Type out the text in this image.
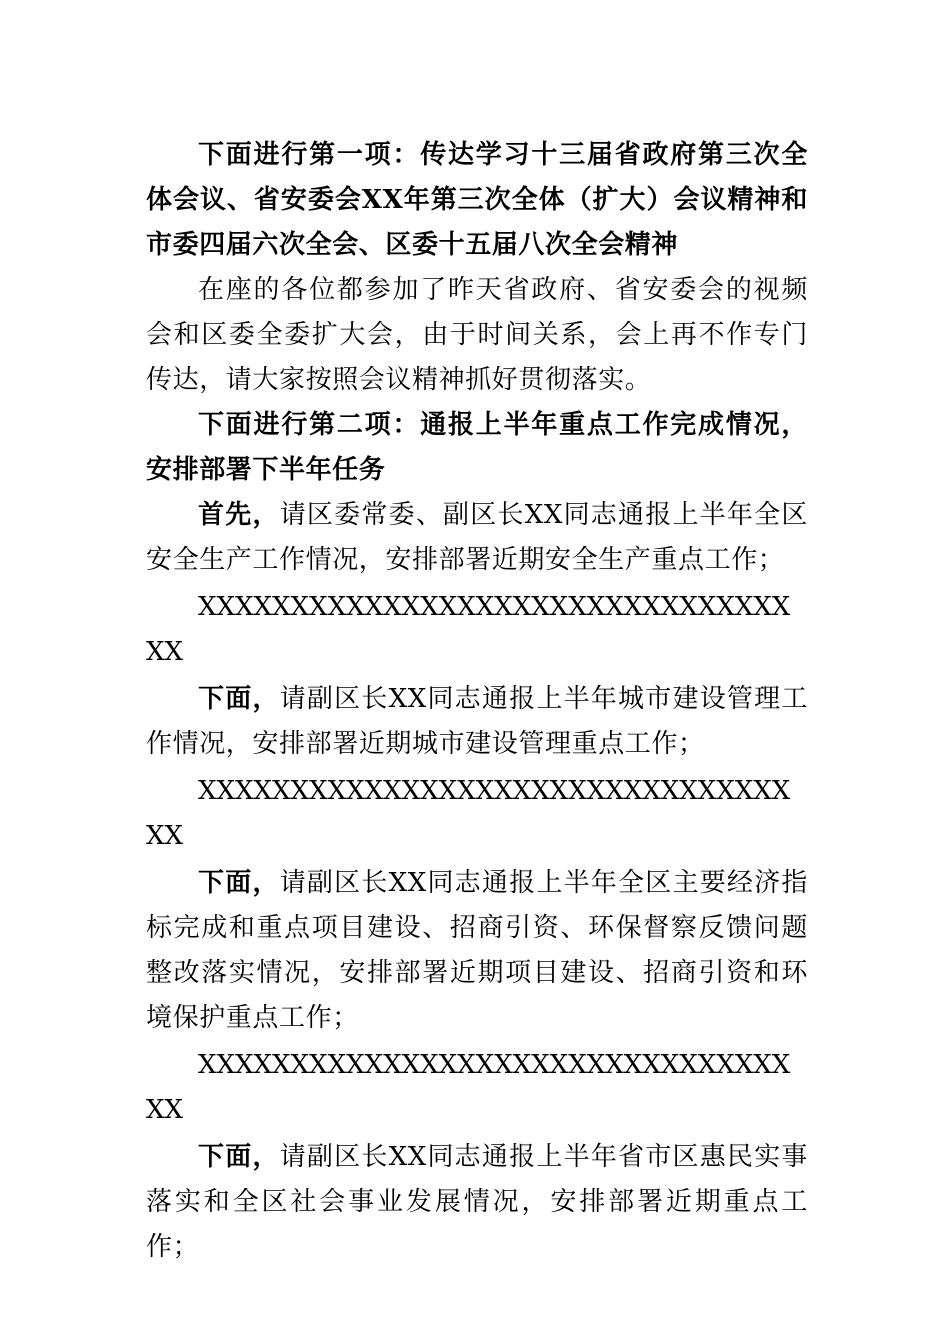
下面进行第一项：传达学习十三届省政府第三次全体会议、省安委会XX年第三次全体（扩大）会议精神和市委四届六次全会、区委十五届八次全会精神

在座的各位都参加了昨天省政府、省安委会的视频会和区委全委扩大会，由于时间关系，会上再不作专门传达，请大家按照会议精神抓好贯彻落实。

下面进行第二项：通报上半年重点工作完成情况，安排部署下半年任务

首先，请区委常委、副区长XX同志通报上半年全区安全生产工作情况，安排部署近期安全生产重点工作；

XXXXXXXXXXXXXXXXXXXXXXXXXXXXXXXXXX

下面，请副区长XX同志通报上半年城市建设管理工作情况，安排部署近期城市建设管理重点工作；

XXXXXXXXXXXXXXXXXXXXXXXXXXXXXXXXXX

下面，请副区长XX同志通报上半年全区主要经济指标完成和重点项目建设、招商引资、环保督察反馈问题整改落实情况，安排部署近期项目建设、招商引资和环境保护重点工作；

XXXXXXXXXXXXXXXXXXXXXXXXXXXXXXXXXX

下面，请副区长XX同志通报上半年省市区惠民实事落实和全区社会事业发展情况，安排部署近期重点工作；
